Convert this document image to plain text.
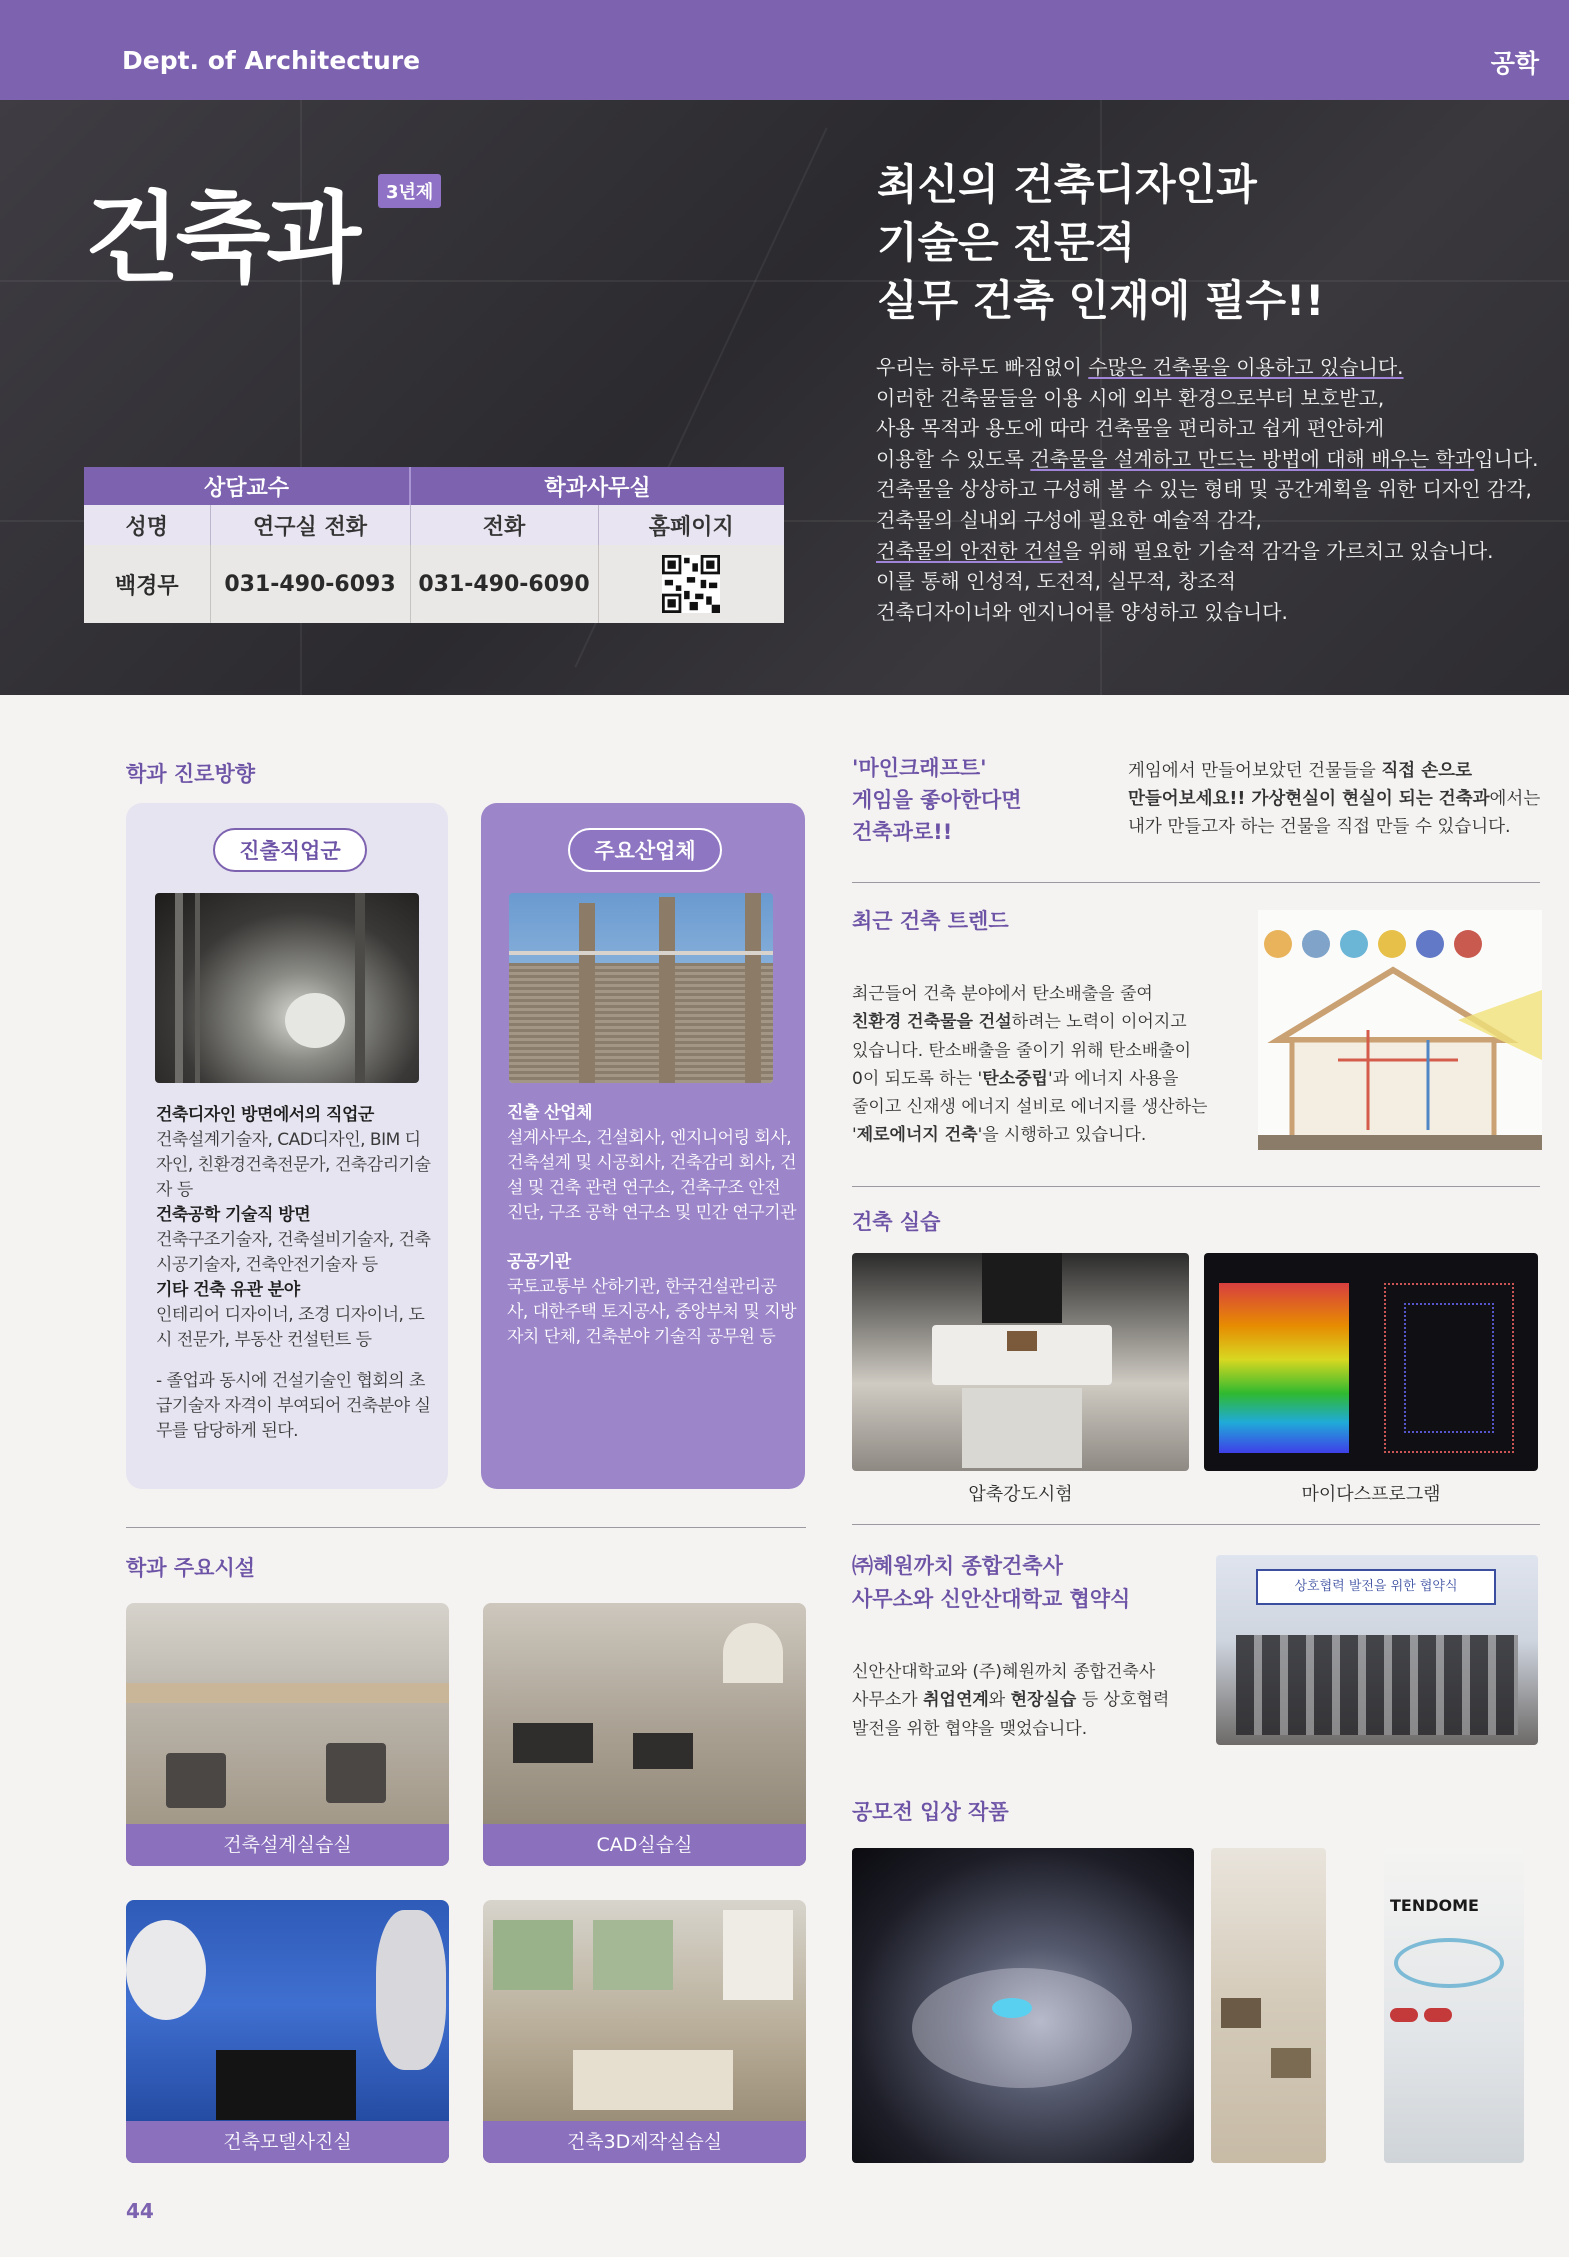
Dept. of Architecture	공학
건축과	3년제	최신의 건축디자인과
기술은 전문적
실무 건축 인재에 필수!!
우리는 하루도 빠짐없이 수많은 건축물을 이용하고 있습니다.
이러한 건축물들을 이용 시에 외부 환경으로부터 보호받고,
사용 목적과 용도에 따라 건축물을 편리하고 쉽게 편안하게
이용할 수 있도록 건축물을 설계하고 만드는 방법에 대해 배우는 학과입니다.
건축물을 상상하고 구성해 볼 수 있는 형태 및 공간계획을 위한 디자인 감각,
건축물의 실내외 구성에 필요한 예술적 감각,
건축물의 안전한 건설을 위해 필요한 기술적 감각을 가르치고 있습니다.
이를 통해 인성적, 도전적, 실무적, 창조적
건축디자이너와 엔지니어를 양성하고 있습니다.
상담교수		학과사무실	
성명	연구실 전화	전화	홈페이지
백경무	031-490-6093	031-490-6090	
학과 진로방향
진출직업군
건축디자인 방면에서의 직업군
건축설계기술자, CAD디자인, BIM 디자인, 친환경건축전문가, 건축감리기술자 등
건축공학 기술직 방면
건축구조기술자, 건축설비기술자, 건축시공기술자, 건축안전기술자 등
기타 건축 유관 분야
인테리어 디자이너, 조경 디자이너, 도시 전문가, 부동산 컨설턴트 등
- 졸업과 동시에 건설기술인 협회의 초급기술자 자격이 부여되어 건축분야 실무를 담당하게 된다.
주요산업체
진출 산업체
설계사무소, 건설회사, 엔지니어링 회사, 건축설계 및 시공회사, 건축감리 회사, 건설 및 건축 관련 연구소, 건축구조 안전 진단, 구조 공학 연구소 및 민간 연구기관
공공기관
국토교통부 산하기관, 한국건설관리공사, 대한주택 토지공사, 중앙부처 및 지방자치 단체, 건축분야 기술직 공무원 등
학과 주요시설
건축설계실습실	CAD실습실
건축모델사진실	건축3D제작실습실
'마인크래프트'
게임을 좋아한다면
건축과로!!
게임에서 만들어보았던 건물들을 직접 손으로
만들어보세요!! 가상현실이 현실이 되는 건축과에서는
내가 만들고자 하는 건물을 직접 만들 수 있습니다.
최근 건축 트렌드
최근들어 건축 분야에서 탄소배출을 줄여
친환경 건축물을 건설하려는 노력이 이어지고
있습니다. 탄소배출을 줄이기 위해 탄소배출이
0이 되도록 하는 '탄소중립'과 에너지 사용을
줄이고 신재생 에너지 설비로 에너지를 생산하는
'제로에너지 건축'을 시행하고 있습니다.
건축 실습
압축강도시험	마이다스프로그램
㈜혜원까치 종합건축사
사무소와 신안산대학교 협약식
신안산대학교와 (주)혜원까치 종합건축사
사무소가 취업연계와 현장실습 등 상호협력
발전을 위한 협약을 맺었습니다.
상호협력 발전을 위한 협약식
공모전 입상 작품
TENDOME
44
